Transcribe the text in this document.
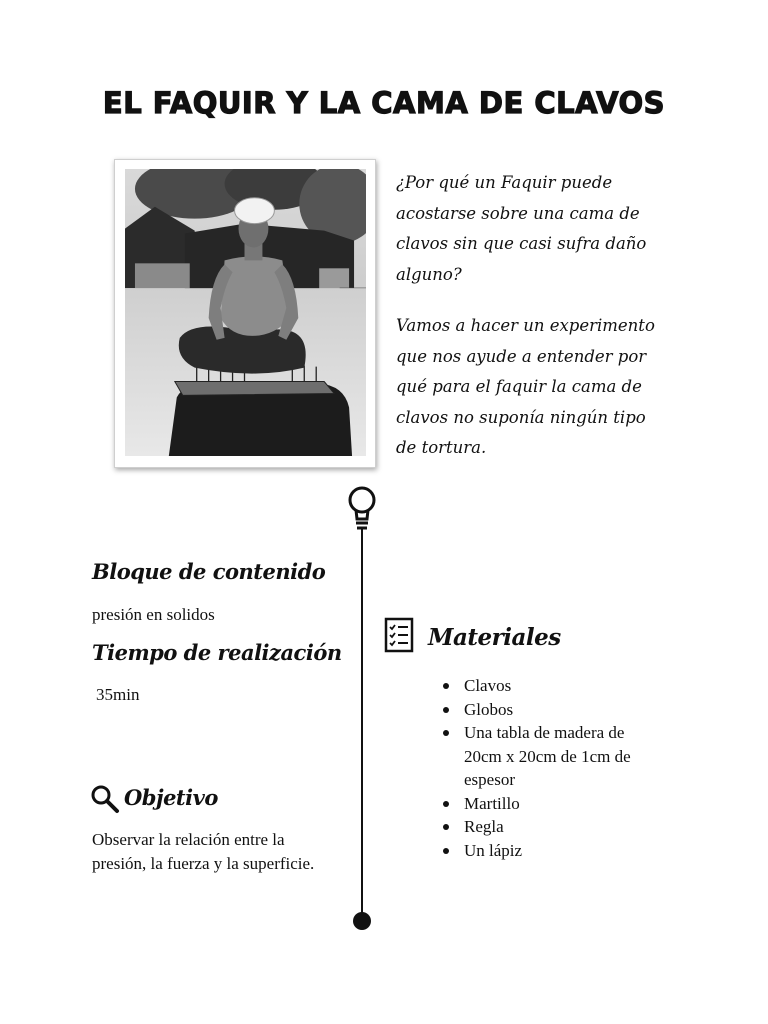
EL FAQUIR Y LA CAMA DE CLAVOS

¿Por qué un Faquir puede acostarse sobre una cama de clavos sin que casi sufra daño alguno?

Vamos a hacer un experimento que nos ayude a entender por qué para el faquir la cama de clavos no suponía ningún tipo de tortura.

Bloque de contenido

presión en solidos

Tiempo de realización

35min

Objetivo

Observar la relación entre la presión, la fuerza y la superficie.

Materiales
Clavos
Globos
Una tabla de madera de 20cm x 20cm de 1cm de espesor
Martillo
Regla
Un lápiz
